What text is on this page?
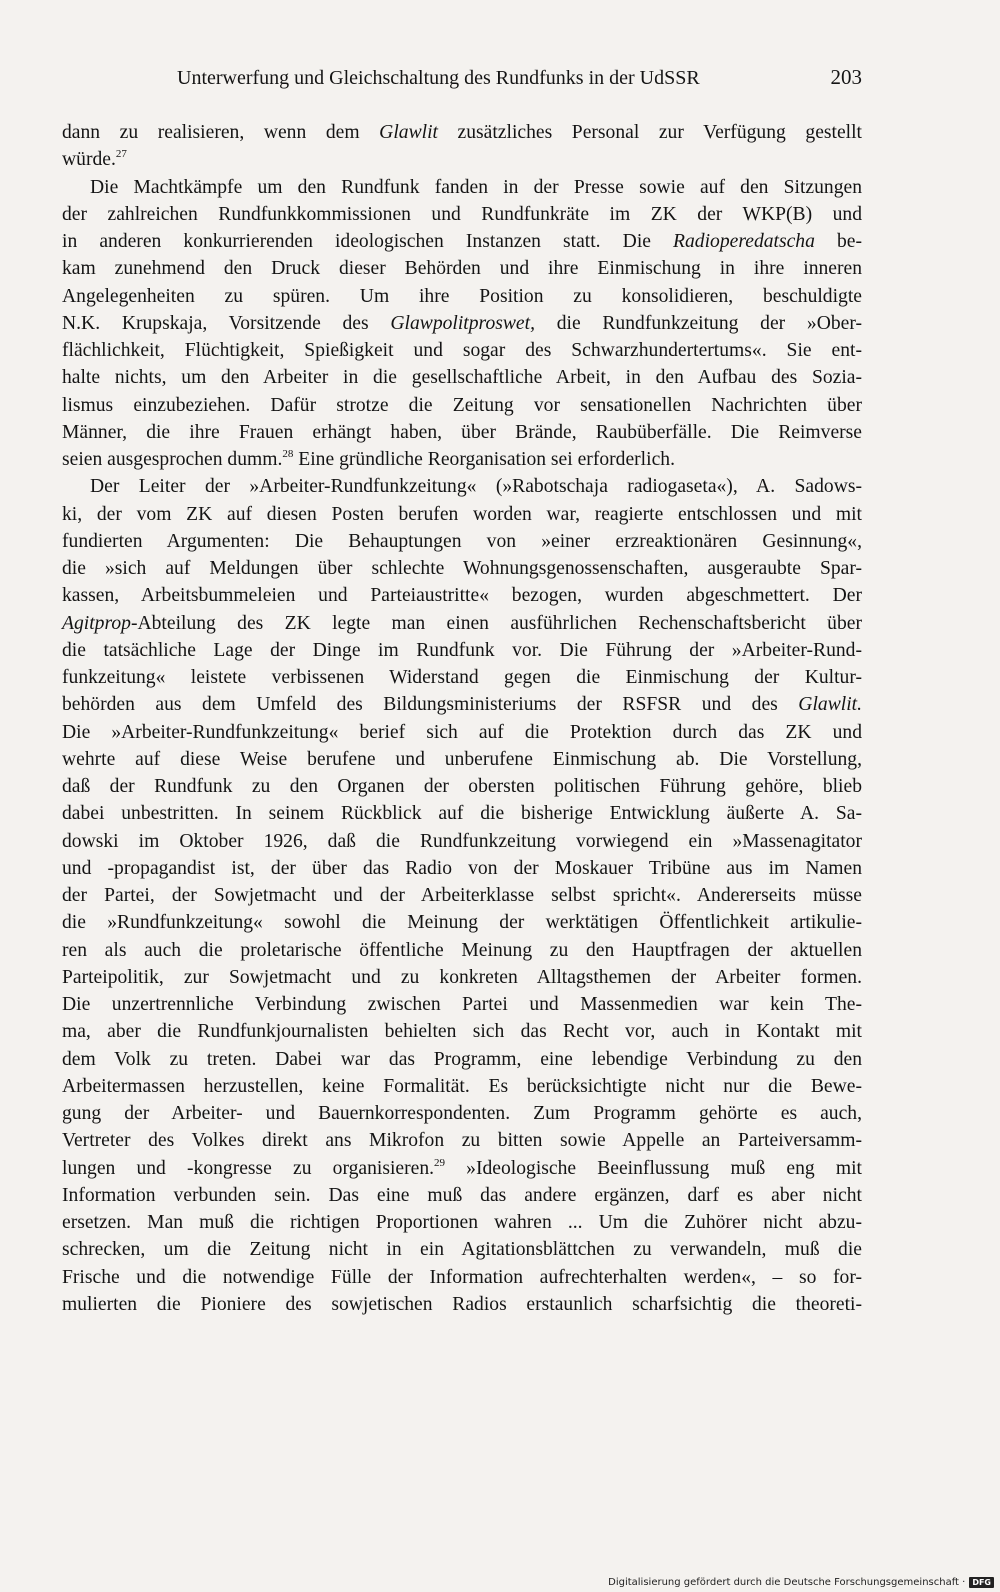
Unterwerfung und Gleichschaltung des Rundfunks in der UdSSR	203
dann zu realisieren, wenn dem Glawlit zusätzliches Personal zur Verfügung gestellt
würde.$^{27}$
Die Machtkämpfe um den Rundfunk fanden in der Presse sowie auf den Sitzungen
der zahlreichen Rundfunkkommissionen und Rundfunkräte im ZK der WKP(B) und
in anderen konkurrierenden ideologischen Instanzen statt. Die Radioperedatscha be-
kam zunehmend den Druck dieser Behörden und ihre Einmischung in ihre inneren
Angelegenheiten zu spüren. Um ihre Position zu konsolidieren, beschuldigte
N.K. Krupskaja, Vorsitzende des Glawpolitproswet, die Rundfunkzeitung der »Ober-
flächlichkeit, Flüchtigkeit, Spießigkeit und sogar des Schwarzhundertertums«. Sie ent-
halte nichts, um den Arbeiter in die gesellschaftliche Arbeit, in den Aufbau des Sozia-
lismus einzubeziehen. Dafür strotze die Zeitung vor sensationellen Nachrichten über
Männer, die ihre Frauen erhängt haben, über Brände, Raubüberfälle. Die Reimverse
seien ausgesprochen dumm.$^{28}$ Eine gründliche Reorganisation sei erforderlich.
Der Leiter der »Arbeiter-Rundfunkzeitung« (»Rabotschaja radiogaseta«), A. Sadows-
ki, der vom ZK auf diesen Posten berufen worden war, reagierte entschlossen und mit
fundierten Argumenten: Die Behauptungen von »einer erzreaktionären Gesinnung«,
die »sich auf Meldungen über schlechte Wohnungsgenossenschaften, ausgeraubte Spar-
kassen, Arbeitsbummeleien und Parteiaustritte« bezogen, wurden abgeschmettert. Der
Agitprop-Abteilung des ZK legte man einen ausführlichen Rechenschaftsbericht über
die tatsächliche Lage der Dinge im Rundfunk vor. Die Führung der »Arbeiter-Rund-
funkzeitung« leistete verbissenen Widerstand gegen die Einmischung der Kultur-
behörden aus dem Umfeld des Bildungsministeriums der RSFSR und des Glawlit.
Die »Arbeiter-Rundfunkzeitung« berief sich auf die Protektion durch das ZK und
wehrte auf diese Weise berufene und unberufene Einmischung ab. Die Vorstellung,
daß der Rundfunk zu den Organen der obersten politischen Führung gehöre, blieb
dabei unbestritten. In seinem Rückblick auf die bisherige Entwicklung äußerte A. Sa-
dowski im Oktober 1926, daß die Rundfunkzeitung vorwiegend ein »Massenagitator
und -propagandist ist, der über das Radio von der Moskauer Tribüne aus im Namen
der Partei, der Sowjetmacht und der Arbeiterklasse selbst spricht«. Andererseits müsse
die »Rundfunkzeitung« sowohl die Meinung der werktätigen Öffentlichkeit artikulie-
ren als auch die proletarische öffentliche Meinung zu den Hauptfragen der aktuellen
Parteipolitik, zur Sowjetmacht und zu konkreten Alltagsthemen der Arbeiter formen.
Die unzertrennliche Verbindung zwischen Partei und Massenmedien war kein The-
ma, aber die Rundfunkjournalisten behielten sich das Recht vor, auch in Kontakt mit
dem Volk zu treten. Dabei war das Programm, eine lebendige Verbindung zu den
Arbeitermassen herzustellen, keine Formalität. Es berücksichtigte nicht nur die Bewe-
gung der Arbeiter- und Bauernkorrespondenten. Zum Programm gehörte es auch,
Vertreter des Volkes direkt ans Mikrofon zu bitten sowie Appelle an Parteiversamm-
lungen und -kongresse zu organisieren.$^{29}$ »Ideologische Beeinflussung muß eng mit
Information verbunden sein. Das eine muß das andere ergänzen, darf es aber nicht
ersetzen. Man muß die richtigen Proportionen wahren ... Um die Zuhörer nicht abzu-
schrecken, um die Zeitung nicht in ein Agitationsblättchen zu verwandeln, muß die
Frische und die notwendige Fülle der Information aufrechterhalten werden«, – so for-
mulierten die Pioniere des sowjetischen Radios erstaunlich scharfsichtig die theoreti-
Digitalisierung gefördert durch die Deutsche Forschungsgemeinschaft · DFG
